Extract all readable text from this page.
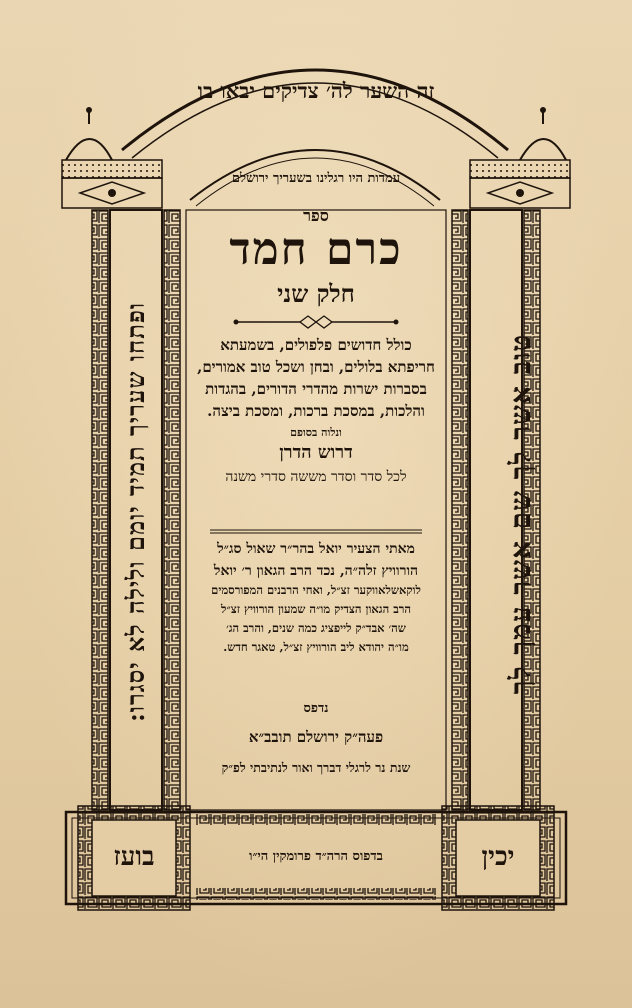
זה השער לה׳ צדיקים יבאו בו
עמדות היו רגלינו בשעריך ירושלם
טוב אשר לך שם אשר עמך לך
ופתחו שעריך תמיד יומם ולילה לא יסגרו:
ספר
כרם חמד
חלק שני
כולל חדושים פלפולים, בשמעתא
חריפתא בלולים, ובחן ושכל טוב אמורים,
בסברות ישרות מהדרי הדורים, בהגדות
והלכות, במסכת ברכות, ומסכת ביצה.
ונלוה בסופם
דרוש הדרן
לכל סדר וסדר מששה סדרי משנה
מאתי הצעיר יואל בהר״ר שאול סג״ל
הורוויץ זלה״ה, נכד הרב הגאון ר׳ יואל
לוקאשלאווקער זצ״ל, ואחי הרבנים המפורסמים
הרב הגאון הצדיק מו״ה שמעון הורוויץ זצ״ל
שה׳ אבד״ק לייפציג כמה שנים, והרב הג׳
מו״ה יהודא ליב הורוויץ זצ״ל, טאגר חדש.
נדפס
פעה״ק ירושלם תובב״א
שנת נר לרגלי דברך ואור לנתיבתי לפ״ק
בועז	יכין
בדפוס הרה״ד פרומקין הי״ו
